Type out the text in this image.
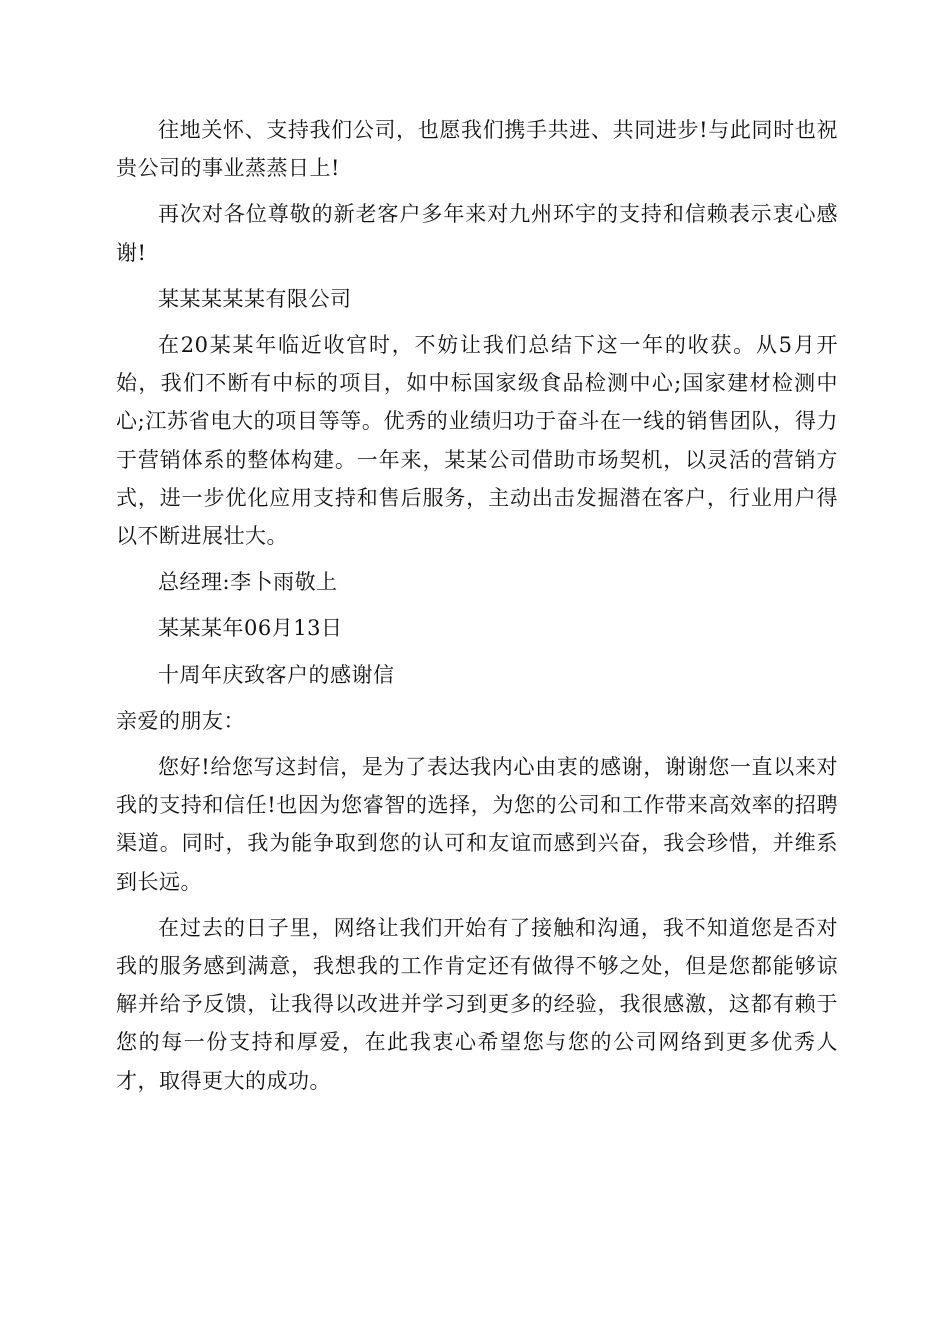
往地关怀、支持我们公司，也愿我们携手共进、共同进步!与此同时也祝贵公司的事业蒸蒸日上!

再次对各位尊敬的新老客户多年来对九州环宇的支持和信赖表示衷心感谢!

某某某某某有限公司

在20某某年临近收官时，不妨让我们总结下这一年的收获。从5月开始，我们不断有中标的项目，如中标国家级食品检测中心;国家建材检测中心;江苏省电大的项目等等。优秀的业绩归功于奋斗在一线的销售团队，得力于营销体系的整体构建。一年来，某某公司借助市场契机，以灵活的营销方式，进一步优化应用支持和售后服务，主动出击发掘潜在客户，行业用户得以不断进展壮大。

总经理:李卜雨敬上

某某某年06月13日

十周年庆致客户的感谢信

亲爱的朋友：

您好!给您写这封信，是为了表达我内心由衷的感谢，谢谢您一直以来对我的支持和信任!也因为您睿智的选择，为您的公司和工作带来高效率的招聘渠道。同时，我为能争取到您的认可和友谊而感到兴奋，我会珍惜，并维系到长远。

在过去的日子里，网络让我们开始有了接触和沟通，我不知道您是否对我的服务感到满意，我想我的工作肯定还有做得不够之处，但是您都能够谅解并给予反馈，让我得以改进并学习到更多的经验，我很感激，这都有赖于您的每一份支持和厚爱，在此我衷心希望您与您的公司网络到更多优秀人才，取得更大的成功。
